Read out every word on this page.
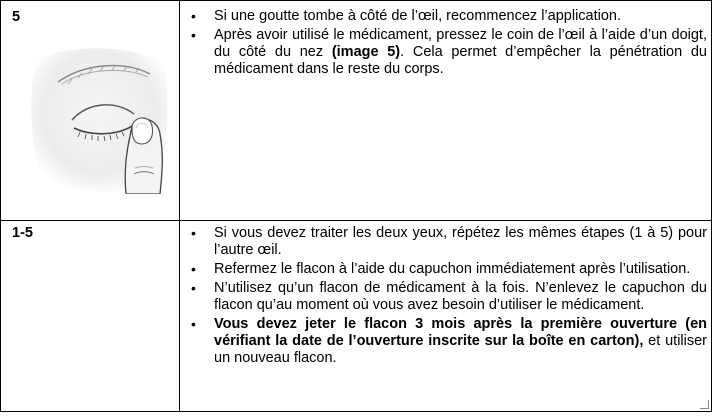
5	• Si une goutte tombe à côté de l’œil, recommencez l’application.
• Après avoir utilisé le médicament, pressez le coin de l’œil à l’aide d’un doigt, du côté du nez (image 5). Cela permet d’empêcher la pénétration du médicament dans le reste du corps.
1-5	• Si vous devez traiter les deux yeux, répétez les mêmes étapes (1 à 5) pour l’autre œil.
• Refermez le flacon à l’aide du capuchon immédiatement après l’utilisation.
• N’utilisez qu’un flacon de médicament à la fois. N’enlevez le capuchon du flacon qu’au moment où vous avez besoin d’utiliser le médicament.
• Vous devez jeter le flacon 3 mois après la première ouverture (en vérifiant la date de l’ouverture inscrite sur la boîte en carton), et utiliser un nouveau flacon.
